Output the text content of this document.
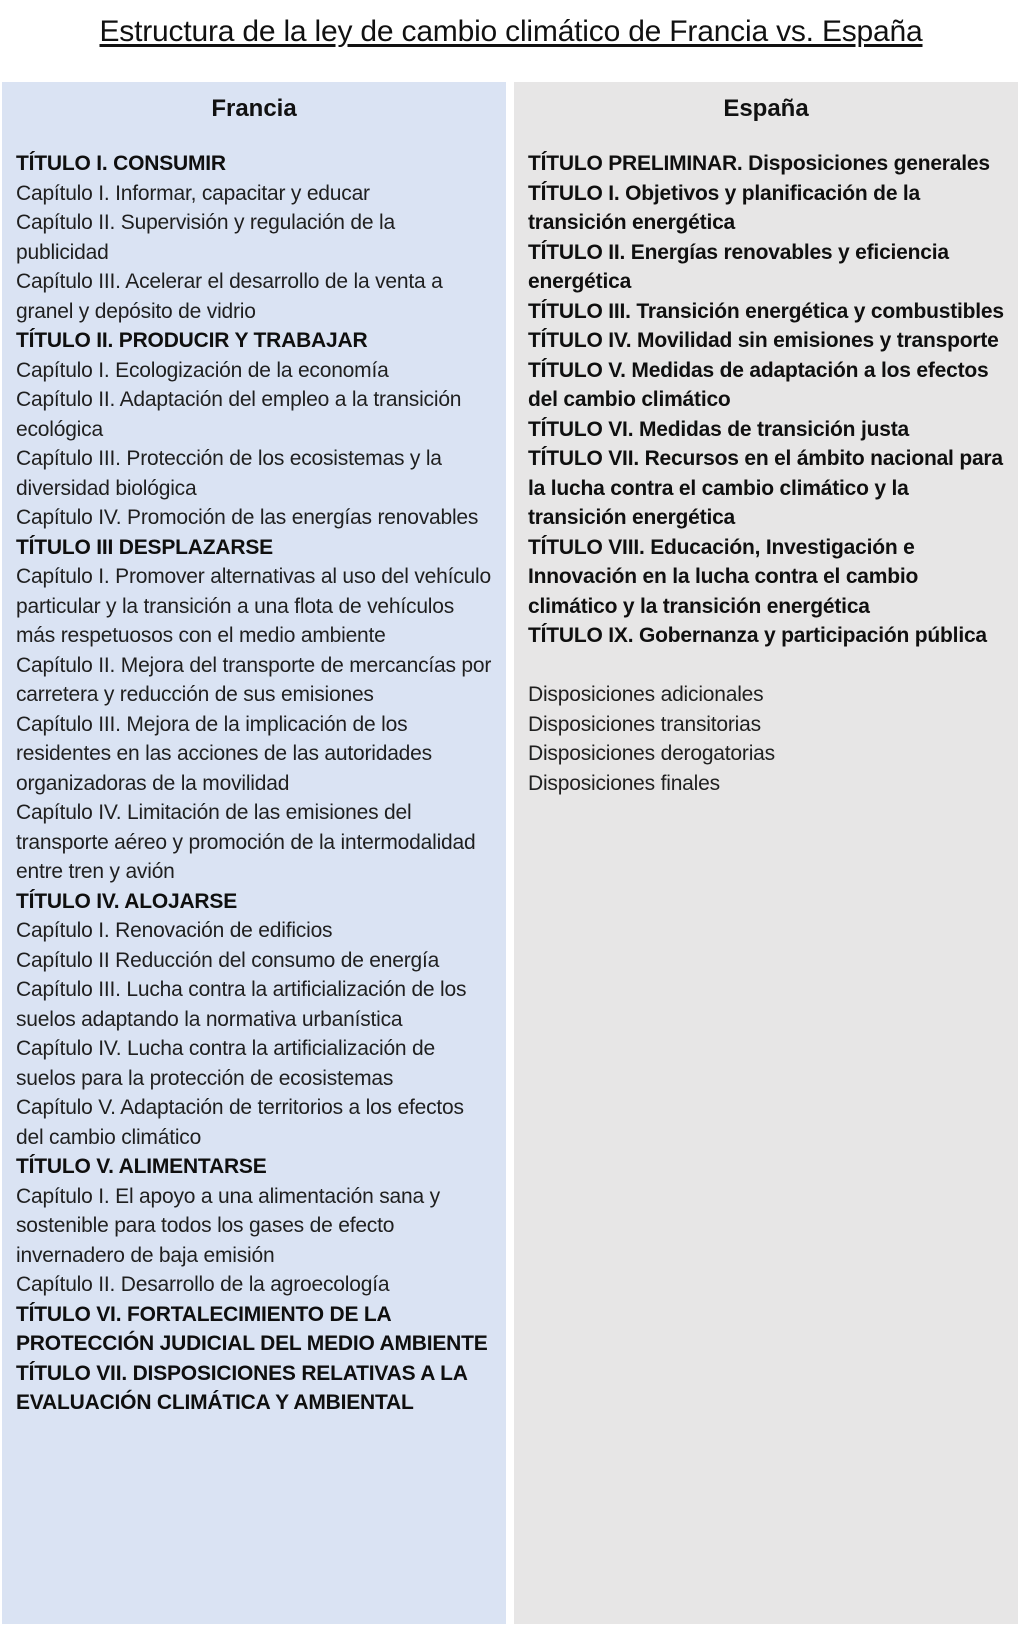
Estructura de la ley de cambio climático de Francia vs. España
Francia

TÍTULO I. CONSUMIR

Capítulo I. Informar, capacitar y educar

Capítulo II. Supervisión y regulación de la publicidad

Capítulo III. Acelerar el desarrollo de la venta a granel y depósito de vidrio

TÍTULO II. PRODUCIR Y TRABAJAR

Capítulo I. Ecologización de la economía

Capítulo II. Adaptación del empleo a la transición ecológica

Capítulo III. Protección de los ecosistemas y la diversidad biológica

Capítulo IV. Promoción de las energías renovables

TÍTULO III DESPLAZARSE

Capítulo I. Promover alternativas al uso del vehículo particular y la transición a una flota de vehículos más respetuosos con el medio ambiente

Capítulo II. Mejora del transporte de mercancías por carretera y reducción de sus emisiones

Capítulo III. Mejora de la implicación de los residentes en las acciones de las autoridades organizadoras de la movilidad

Capítulo IV. Limitación de las emisiones del transporte aéreo y promoción de la intermodalidad entre tren y avión

TÍTULO IV. ALOJARSE

Capítulo I. Renovación de edificios

Capítulo II Reducción del consumo de energía

Capítulo III. Lucha contra la artificialización de los suelos adaptando la normativa urbanística

Capítulo IV. Lucha contra la artificialización de suelos para la protección de ecosistemas

Capítulo V. Adaptación de territorios a los efectos del cambio climático

TÍTULO V. ALIMENTARSE

Capítulo I. El apoyo a una alimentación sana y sostenible para todos los gases de efecto invernadero de baja emisión

Capítulo II. Desarrollo de la agroecología

TÍTULO VI. FORTALECIMIENTO DE LA PROTECCIÓN JUDICIAL DEL MEDIO AMBIENTE

TÍTULO VII. DISPOSICIONES RELATIVAS A LA EVALUACIÓN CLIMÁTICA Y AMBIENTAL

España

TÍTULO PRELIMINAR. Disposiciones generales

TÍTULO I. Objetivos y planificación de la transición energética

TÍTULO II. Energías renovables y eficiencia energética

TÍTULO III. Transición energética y combustibles

TÍTULO IV. Movilidad sin emisiones y transporte

TÍTULO V. Medidas de adaptación a los efectos del cambio climático

TÍTULO VI. Medidas de transición justa

TÍTULO VII. Recursos en el ámbito nacional para la lucha contra el cambio climático y la transición energética

TÍTULO VIII. Educación, Investigación e Innovación en la lucha contra el cambio climático y la transición energética

TÍTULO IX. Gobernanza y participación pública

Disposiciones adicionales

Disposiciones transitorias

Disposiciones derogatorias

Disposiciones finales
